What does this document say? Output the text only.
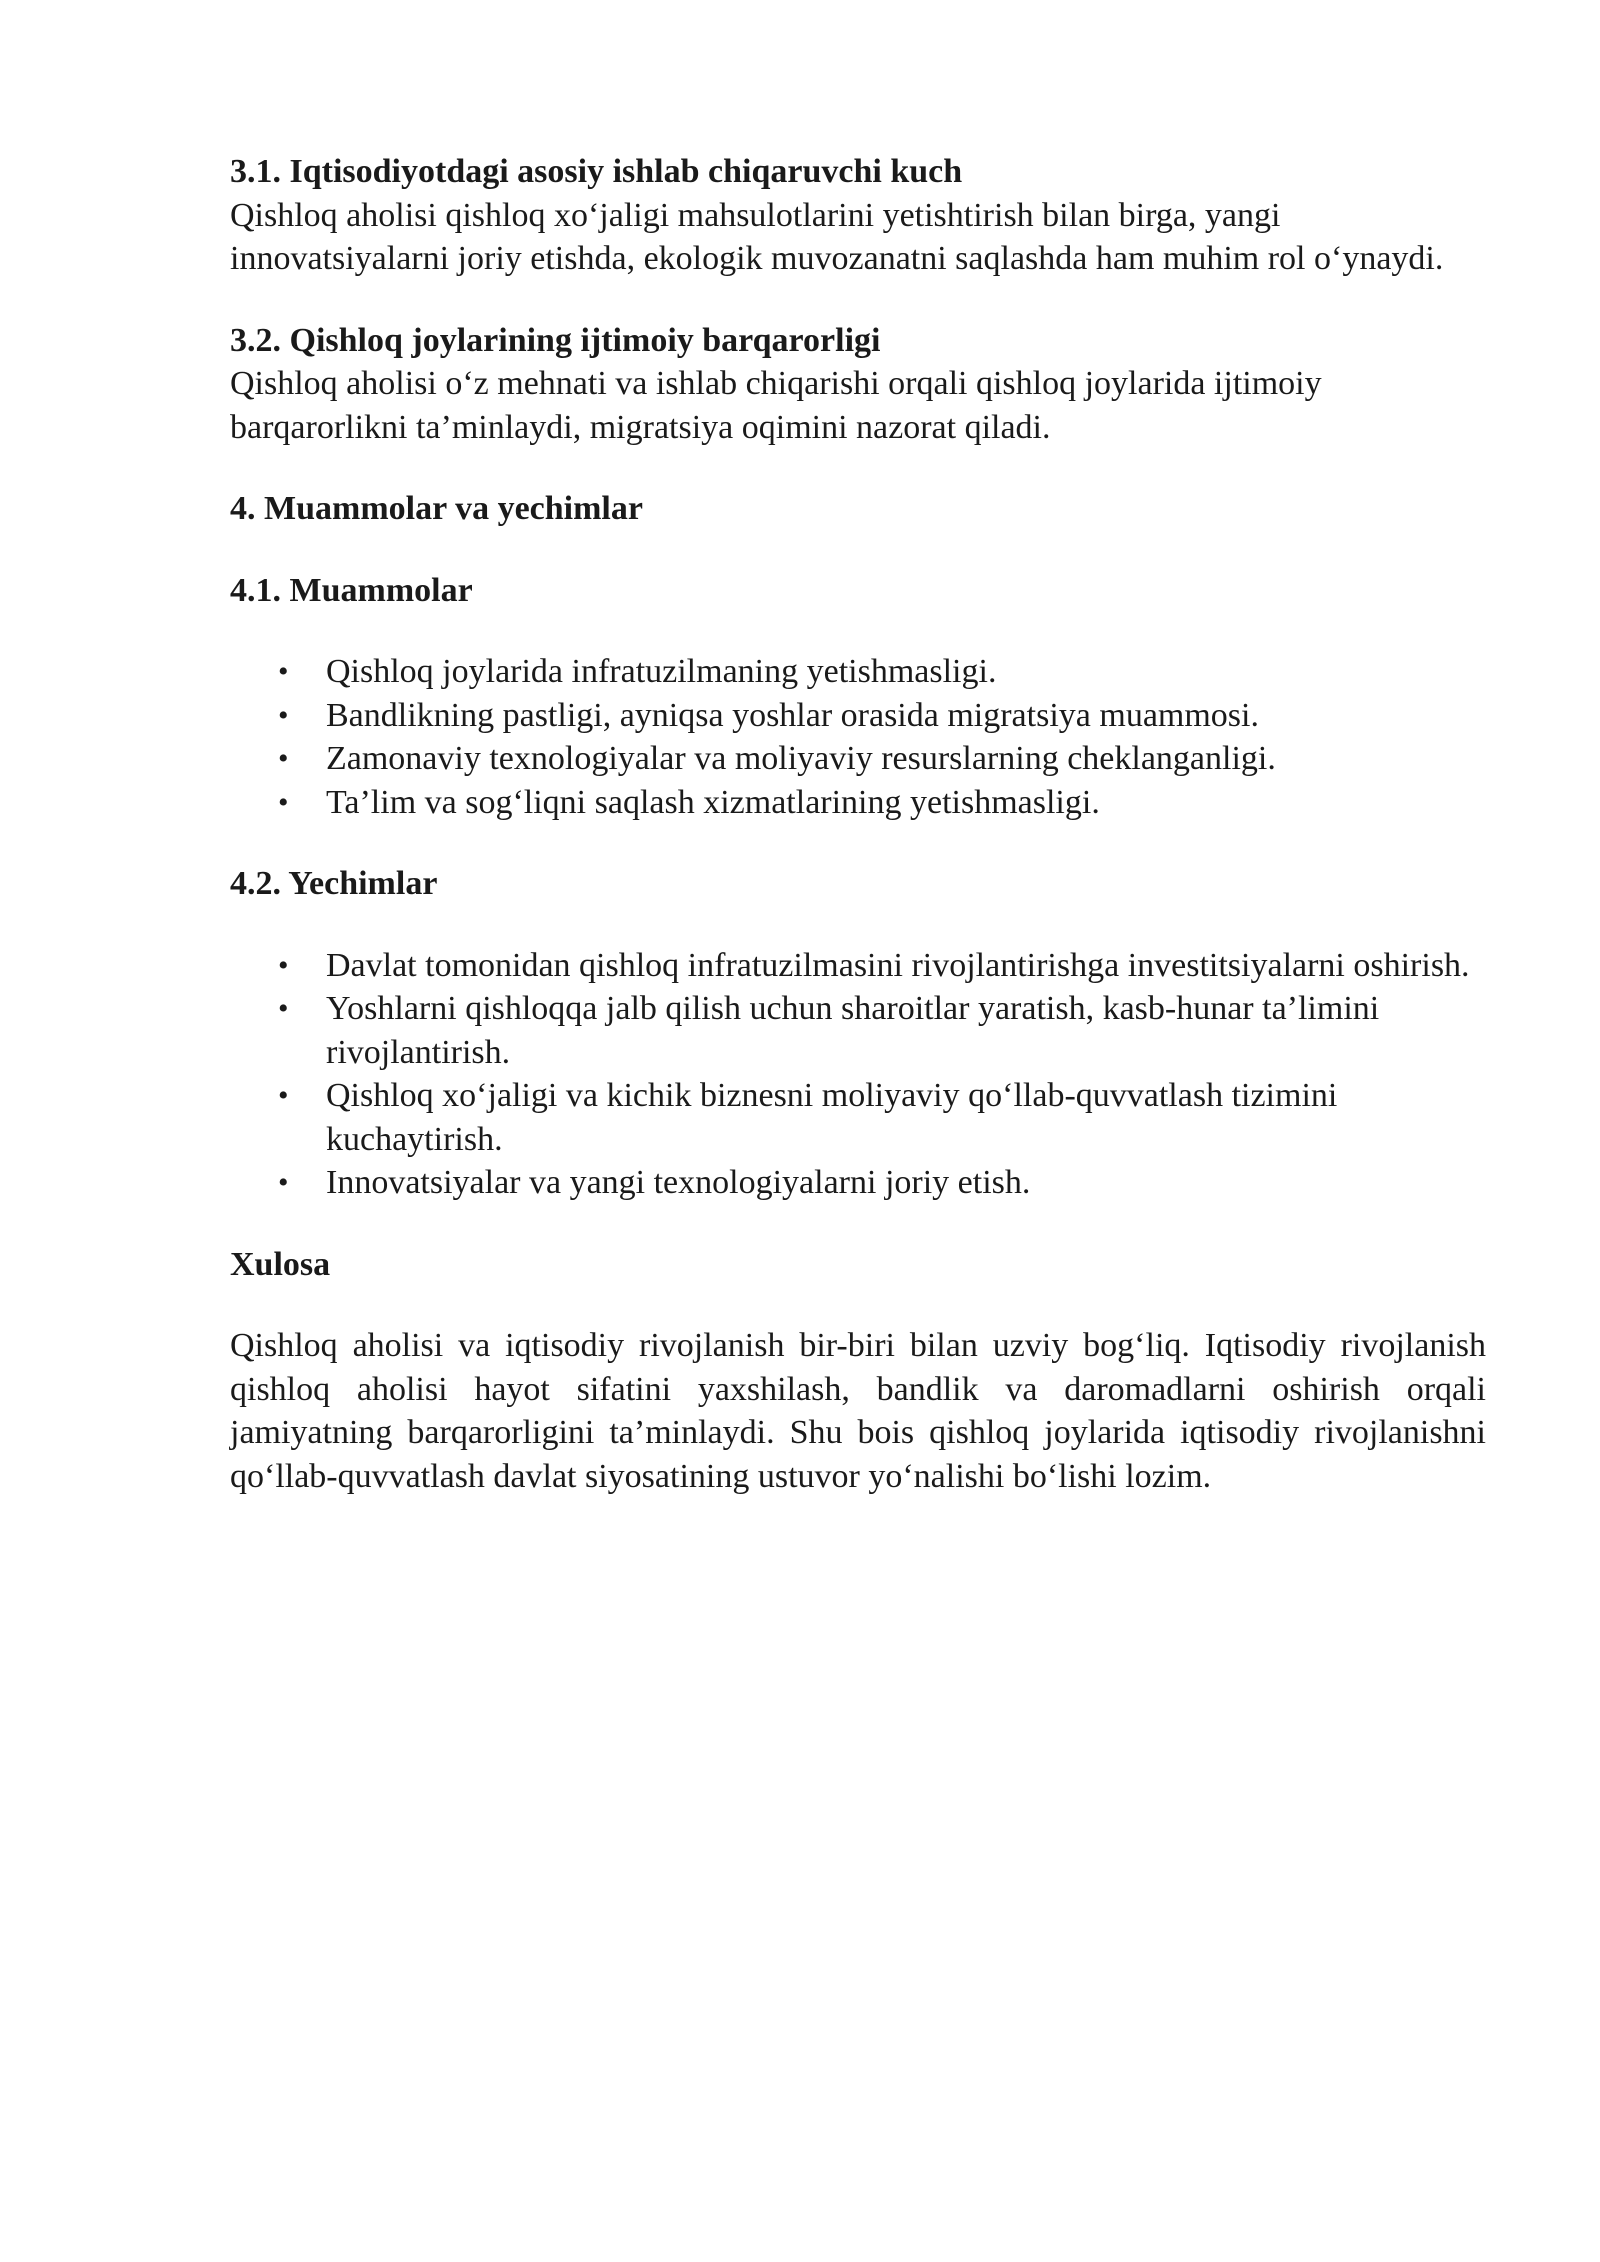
3.1. Iqtisodiyotdagi asosiy ishlab chiqaruvchi kuch

Qishloq aholisi qishloq xo‘jaligi mahsulotlarini yetishtirish bilan birga, yangi innovatsiyalarni joriy etishda, ekologik muvozanatni saqlashda ham muhim rol o‘ynaydi.

3.2. Qishloq joylarining ijtimoiy barqarorligi

Qishloq aholisi o‘z mehnati va ishlab chiqarishi orqali qishloq joylarida ijtimoiy barqarorlikni ta’minlaydi, migratsiya oqimini nazorat qiladi.

4. Muammolar va yechimlar
4.1. Muammolar
• Qishloq joylarida infratuzilmaning yetishmasligi.
• Bandlikning pastligi, ayniqsa yoshlar orasida migratsiya muammosi.
• Zamonaviy texnologiyalar va moliyaviy resurslarning cheklanganligi.
• Ta’lim va sog‘liqni saqlash xizmatlarining yetishmasligi.
4.2. Yechimlar
• Davlat tomonidan qishloq infratuzilmasini rivojlantirishga investitsiyalarni oshirish.
• Yoshlarni qishloqqa jalb qilish uchun sharoitlar yaratish, kasb-hunar ta’limini rivojlantirish.
• Qishloq xo‘jaligi va kichik biznesni moliyaviy qo‘llab-quvvatlash tizimini kuchaytirish.
• Innovatsiyalar va yangi texnologiyalarni joriy etish.
Xulosa

Qishloq aholisi va iqtisodiy rivojlanish bir-biri bilan uzviy bog‘liq. Iqtisodiy rivojlanish qishloq aholisi hayot sifatini yaxshilash, bandlik va daromadlarni oshirish orqali jamiyatning barqarorligini ta’minlaydi. Shu bois qishloq joylarida iqtisodiy rivojlanishni qo‘llab-quvvatlash davlat siyosatining ustuvor yo‘nalishi bo‘lishi lozim.
